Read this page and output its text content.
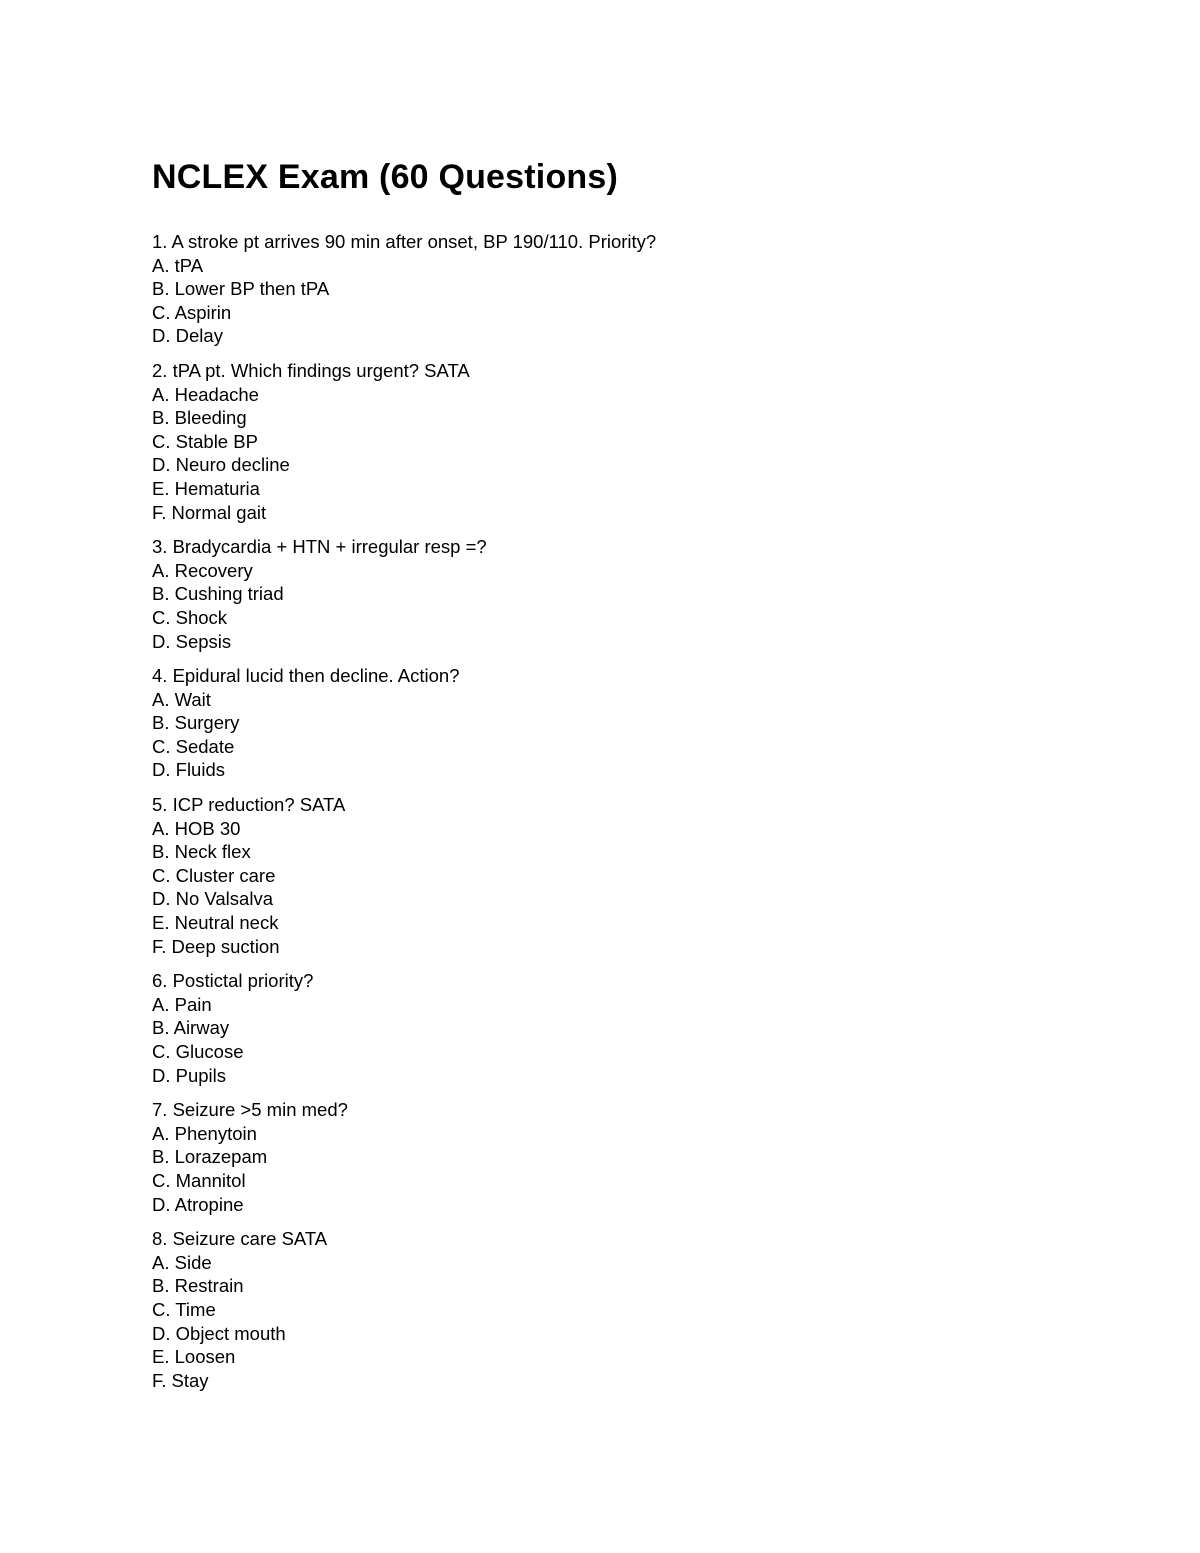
NCLEX Exam (60 Questions)
1. A stroke pt arrives 90 min after onset, BP 190/110. Priority?
A. tPA
B. Lower BP then tPA
C. Aspirin
D. Delay
2. tPA pt. Which findings urgent? SATA
A. Headache
B. Bleeding
C. Stable BP
D. Neuro decline
E. Hematuria
F. Normal gait
3. Bradycardia + HTN + irregular resp =?
A. Recovery
B. Cushing triad
C. Shock
D. Sepsis
4. Epidural lucid then decline. Action?
A. Wait
B. Surgery
C. Sedate
D. Fluids
5. ICP reduction? SATA
A. HOB 30
B. Neck flex
C. Cluster care
D. No Valsalva
E. Neutral neck
F. Deep suction
6. Postictal priority?
A. Pain
B. Airway
C. Glucose
D. Pupils
7. Seizure >5 min med?
A. Phenytoin
B. Lorazepam
C. Mannitol
D. Atropine
8. Seizure care SATA
A. Side
B. Restrain
C. Time
D. Object mouth
E. Loosen
F. Stay
